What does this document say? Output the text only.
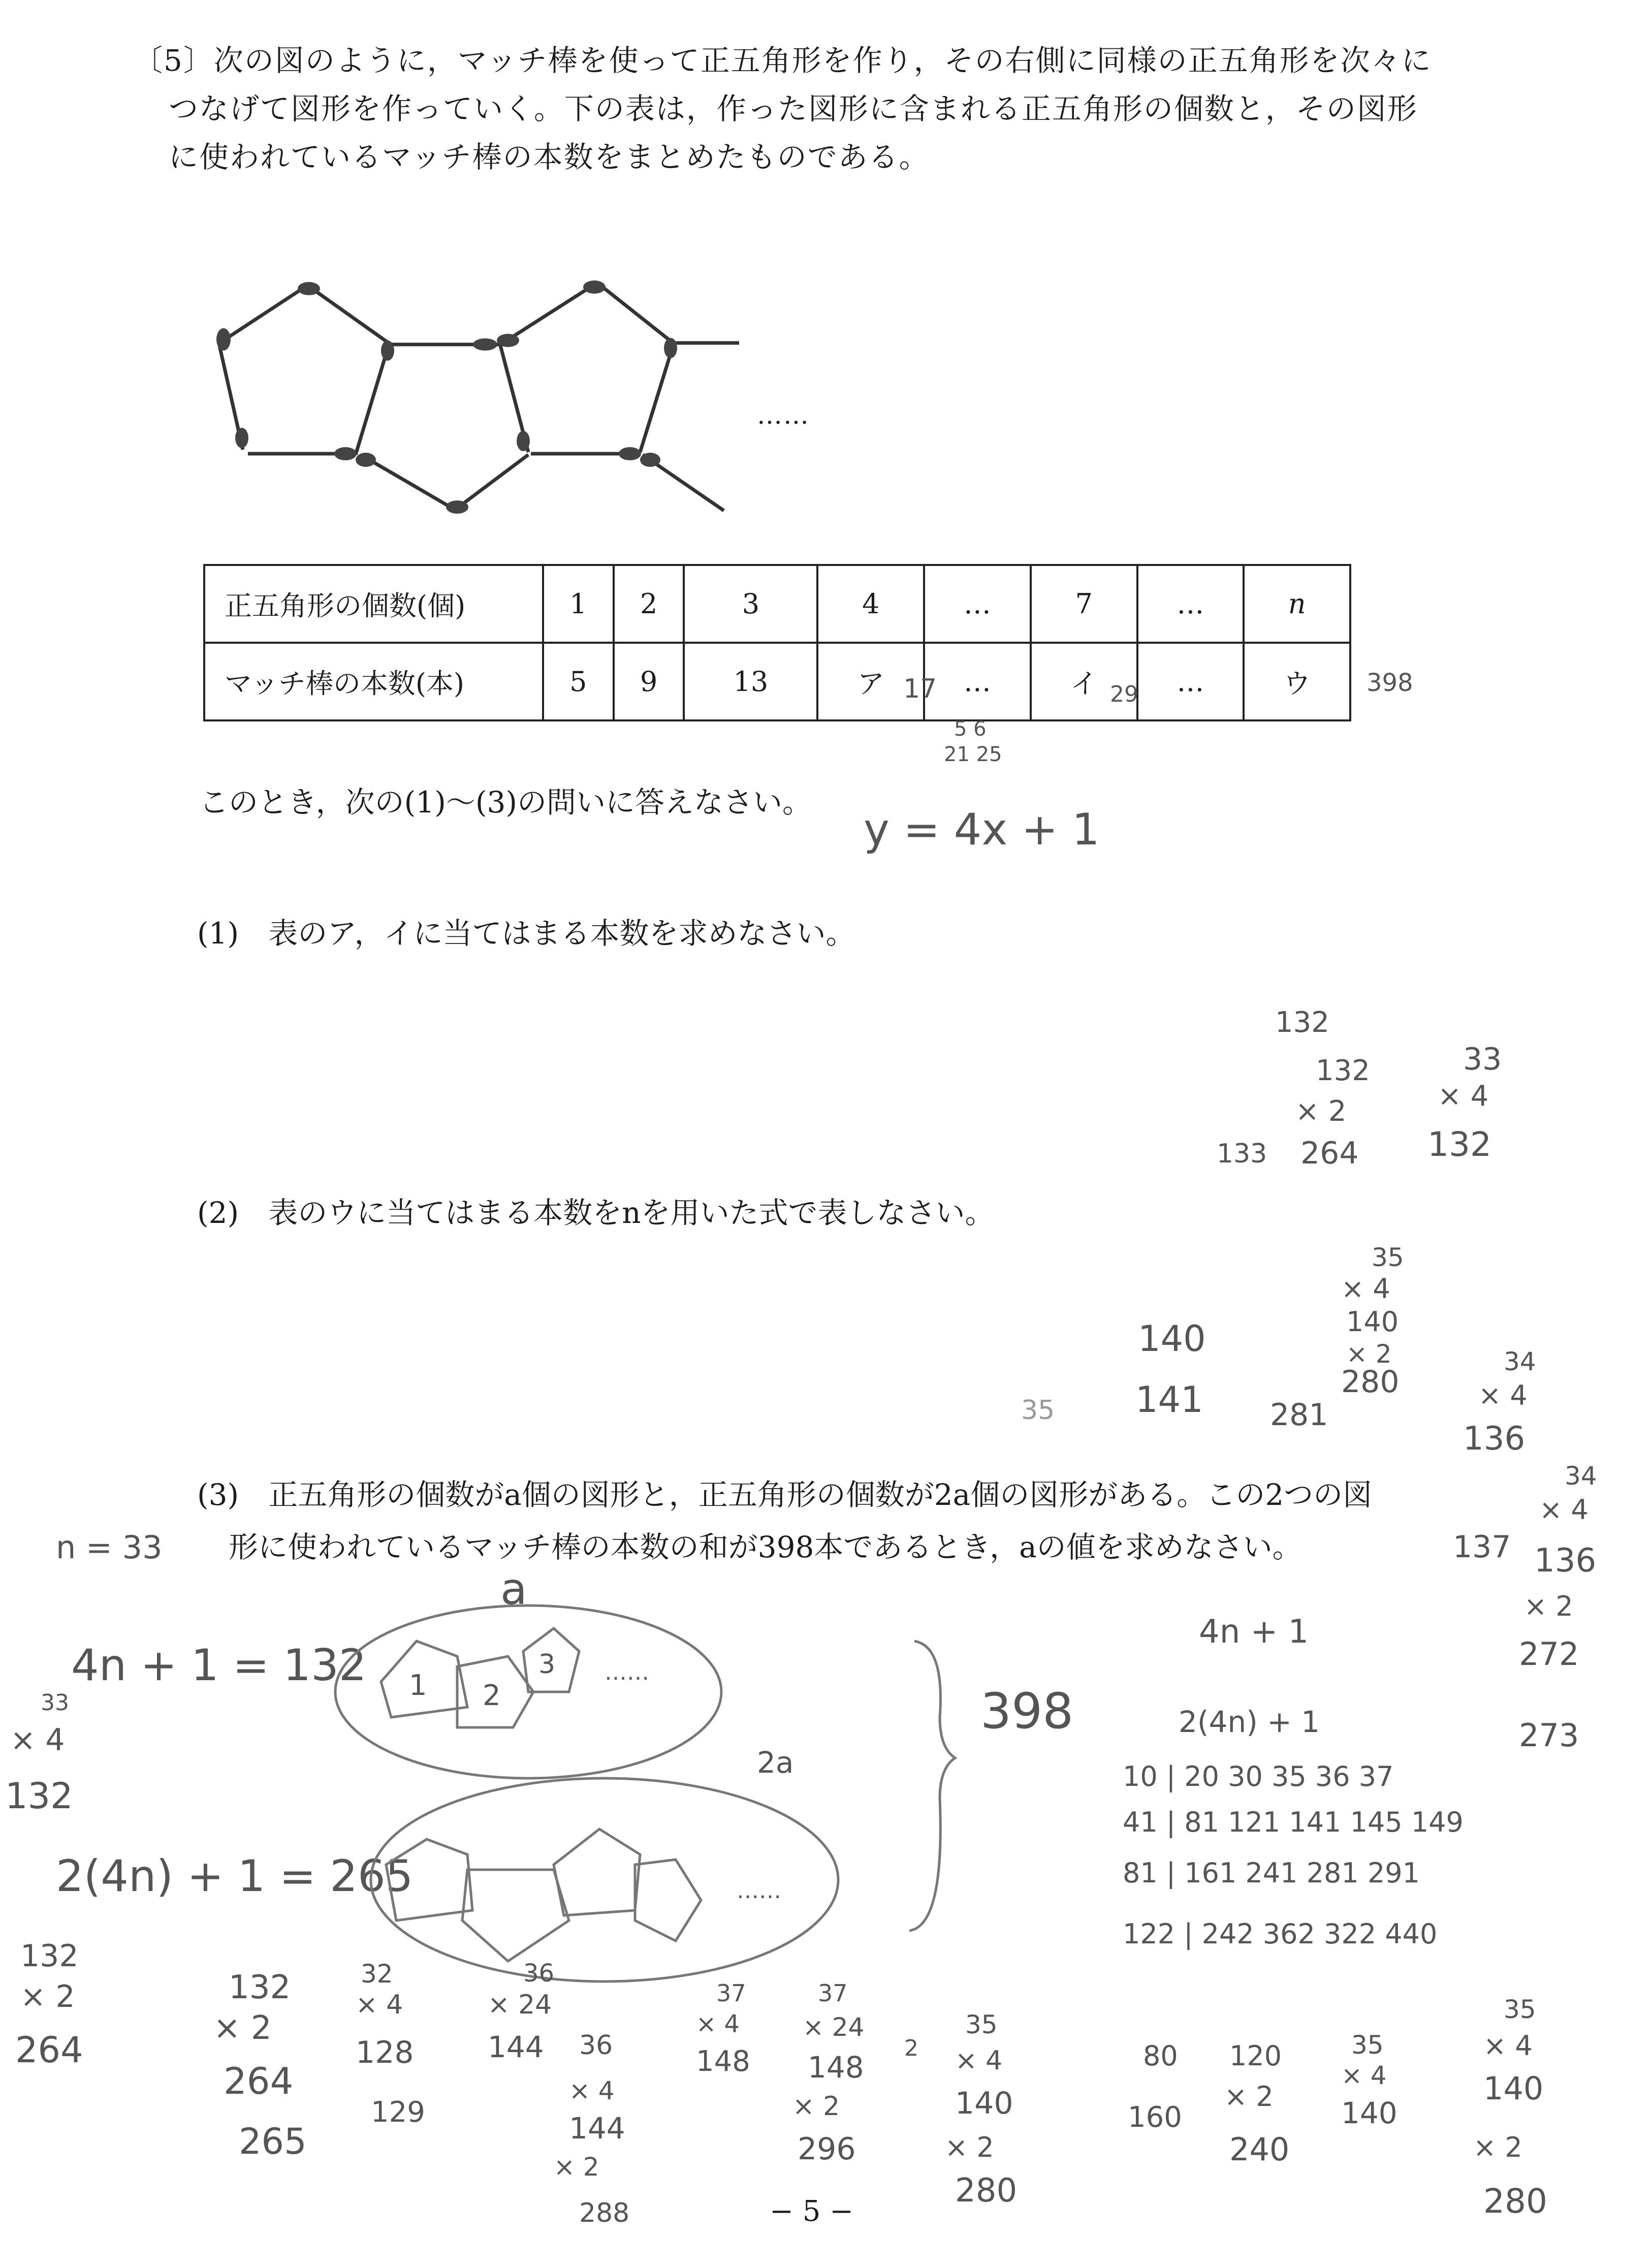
〔5〕次の図のように，マッチ棒を使って正五角形を作り，その右側に同様の正五角形を次々に
つなげて図形を作っていく。下の表は，作った図形に含まれる正五角形の個数と，その図形
に使われているマッチ棒の本数をまとめたものである。
……
正五角形の個数(個)	1	2	3	4	…	7	…	n
マッチ棒の本数(本)	5	9	13	ア	…	イ	…	ウ
17	29	398
5 6
21 25
このとき，次の(1)〜(3)の問いに答えなさい。
y = 4x + 1
(1)　 表のア，イに当てはまる本数を求めなさい。
(2)　 表のウに当てはまる本数をnを用いた式で表しなさい。
(3)　 正五角形の個数がa個の図形と，正五角形の個数が2a個の図形がある。この2つの図
形に使われているマッチ棒の本数の和が398本であるとき，aの値を求めなさい。
132
132
× 2
264
133
33
× 4
132
35
× 4
140
× 2
280
140
141 281
35
34
× 4
136
34
× 4
136
137
× 2
272
273
4n + 1
2(4n) + 1
10 | 20 30 35 36 37
41 | 81 121 141 145 149
81 | 161 241 281 291
122 | 242 362 322 440
n = 33
4n + 1 = 132
33
× 4
132
2(4n) + 1 = 265
132
× 2
264
a
2a
398
1 2
3 ……
……
132
× 2
264
265
32
× 4
128
129
36
× 24
144 36
× 4
144
× 2
288
37
× 4
148
37
× 24
148
2
× 2
296
35
× 4
140
× 2
280
80
160
120
× 2
240
35
× 4
140
35
× 4
140
× 2
280
− 5 −
